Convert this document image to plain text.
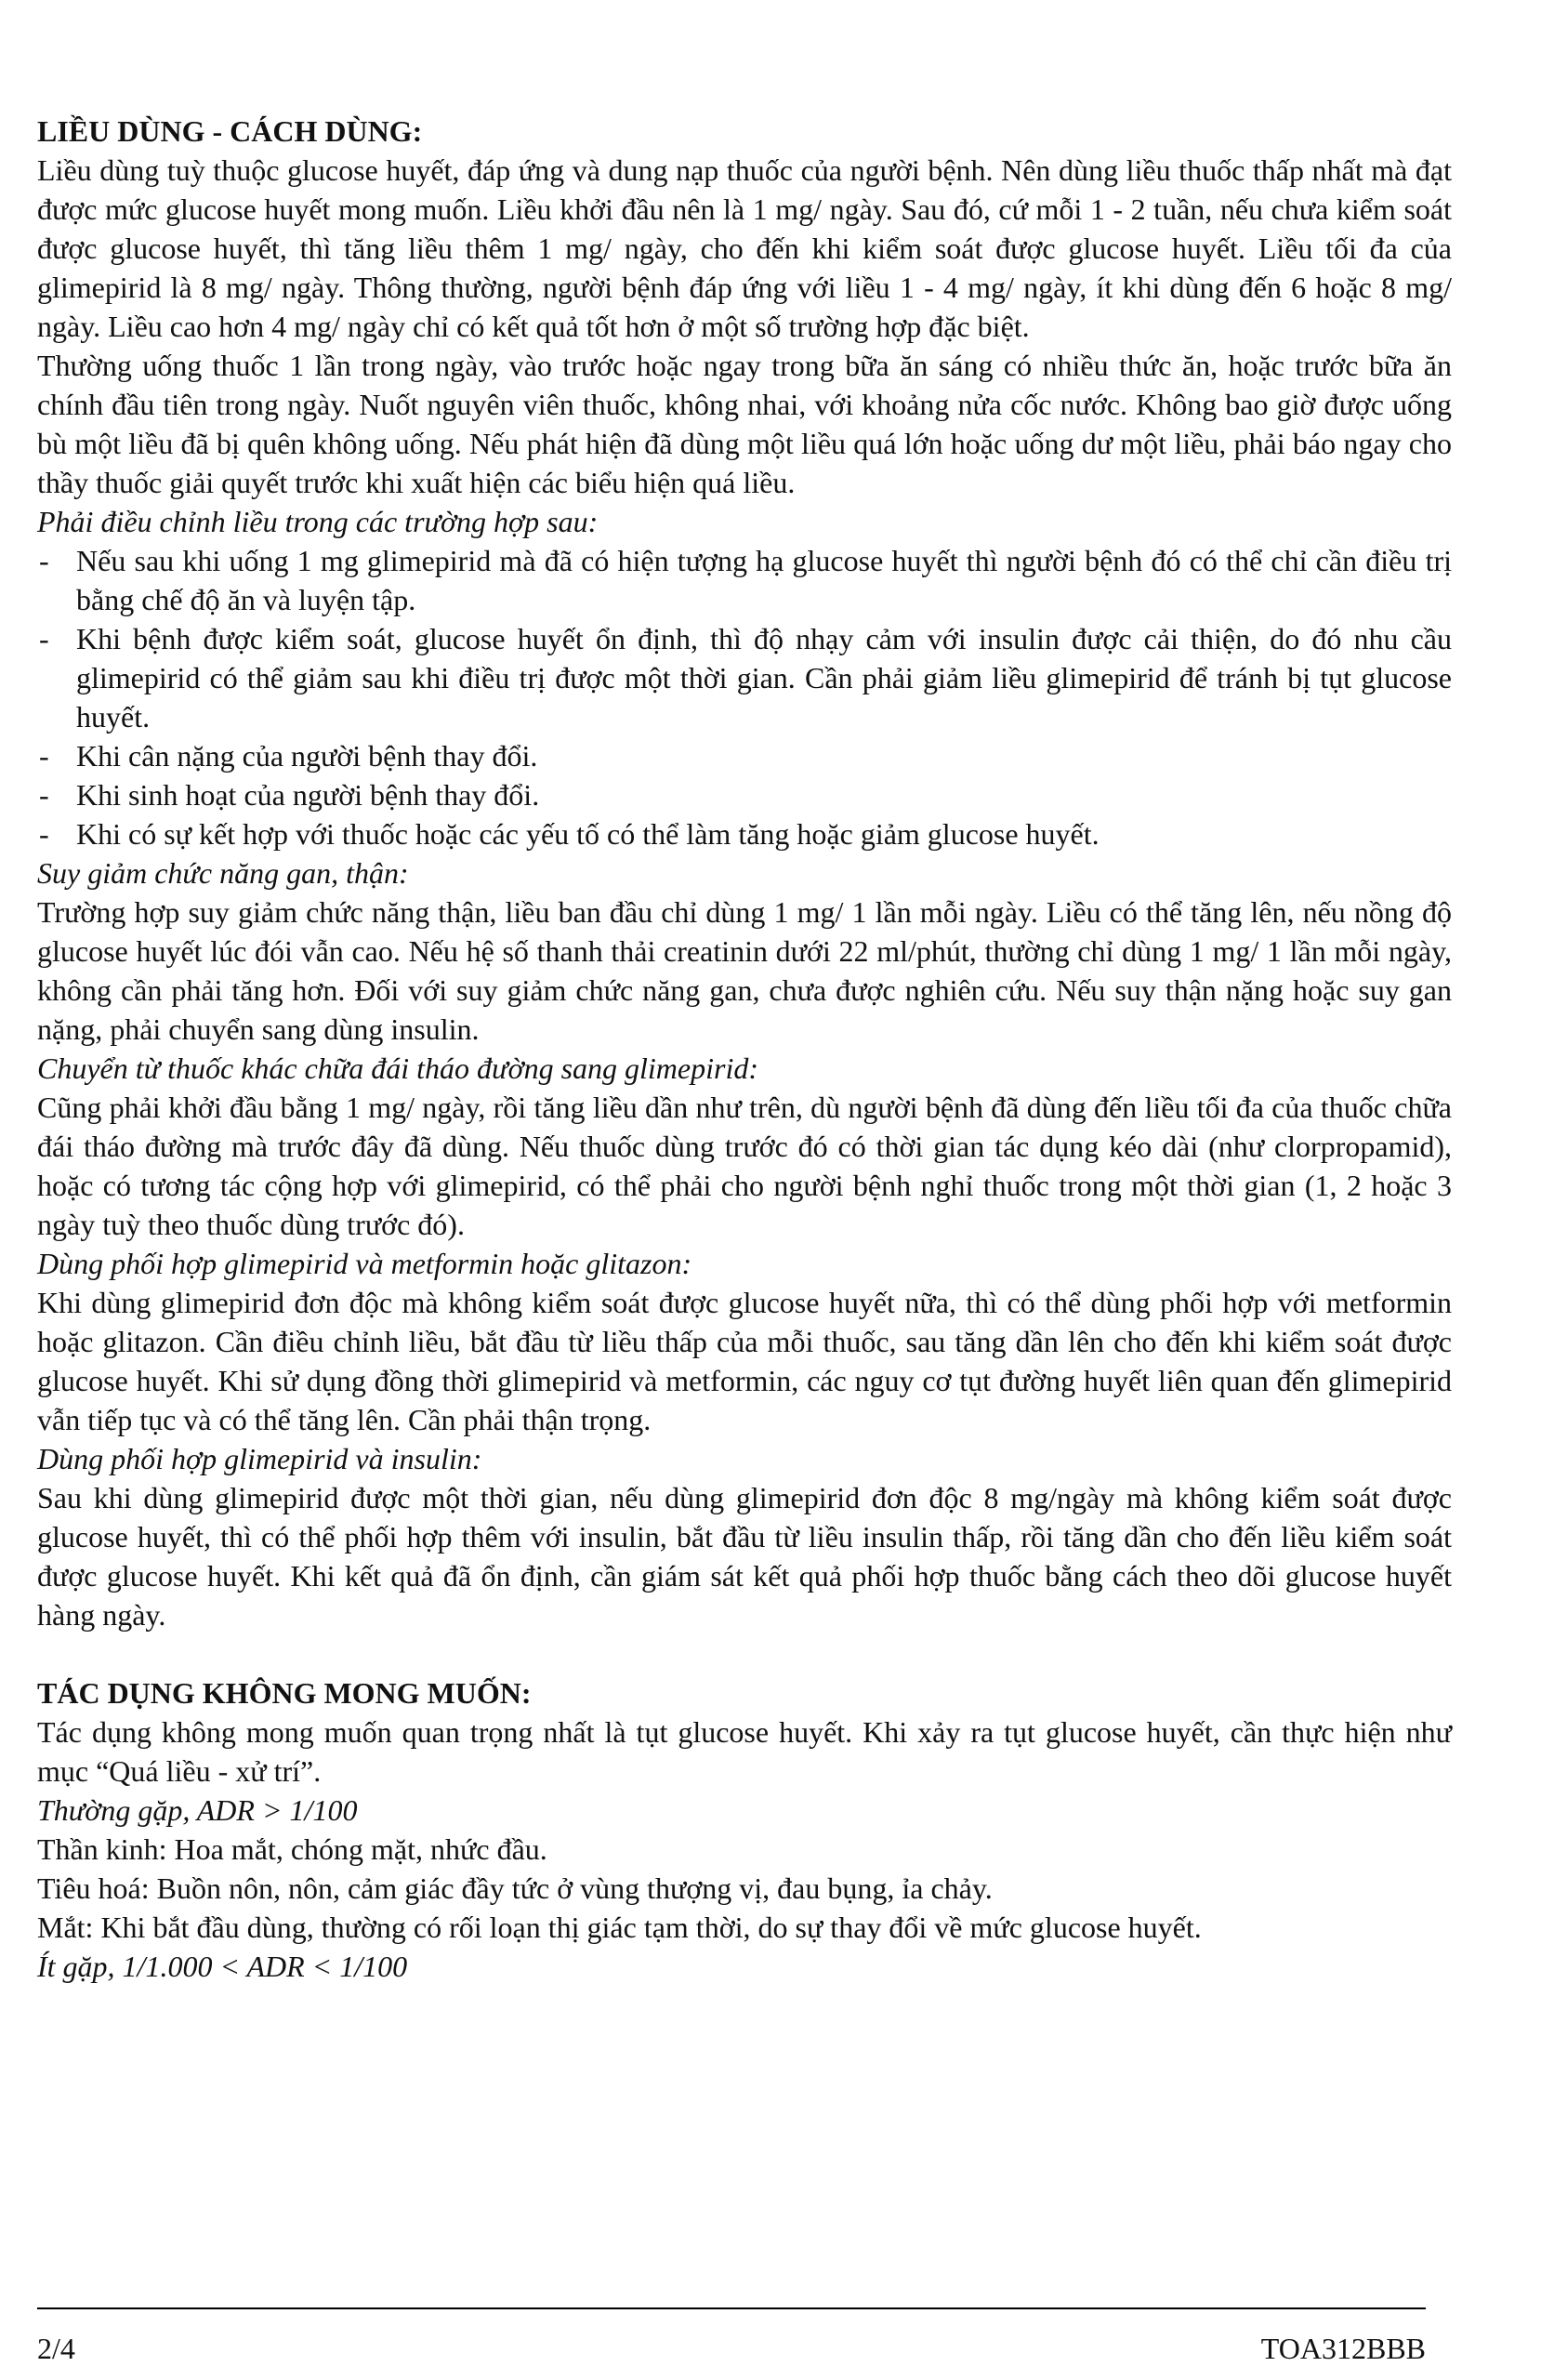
LIỀU DÙNG - CÁCH DÙNG:

Liều dùng tuỳ thuộc glucose huyết, đáp ứng và dung nạp thuốc của người bệnh. Nên dùng liều thuốc thấp nhất mà đạt được mức glucose huyết mong muốn. Liều khởi đầu nên là 1 mg/ ngày. Sau đó, cứ mỗi 1 - 2 tuần, nếu chưa kiểm soát được glucose huyết, thì tăng liều thêm 1 mg/ ngày, cho đến khi kiểm soát được glucose huyết. Liều tối đa của glimepirid là 8 mg/ ngày. Thông thường, người bệnh đáp ứng với liều 1 - 4 mg/ ngày, ít khi dùng đến 6 hoặc 8 mg/ ngày. Liều cao hơn 4 mg/ ngày chỉ có kết quả tốt hơn ở một số trường hợp đặc biệt.

Thường uống thuốc 1 lần trong ngày, vào trước hoặc ngay trong bữa ăn sáng có nhiều thức ăn, hoặc trước bữa ăn chính đầu tiên trong ngày. Nuốt nguyên viên thuốc, không nhai, với khoảng nửa cốc nước. Không bao giờ được uống bù một liều đã bị quên không uống. Nếu phát hiện đã dùng một liều quá lớn hoặc uống dư một liều, phải báo ngay cho thầy thuốc giải quyết trước khi xuất hiện các biểu hiện quá liều.

Phải điều chỉnh liều trong các trường hợp sau:

- Nếu sau khi uống 1 mg glimepirid mà đã có hiện tượng hạ glucose huyết thì người bệnh đó có thể chỉ cần điều trị bằng chế độ ăn và luyện tập.
- Khi bệnh được kiểm soát, glucose huyết ổn định, thì độ nhạy cảm với insulin được cải thiện, do đó nhu cầu glimepirid có thể giảm sau khi điều trị được một thời gian. Cần phải giảm liều glimepirid để tránh bị tụt glucose huyết.
- Khi cân nặng của người bệnh thay đổi.
- Khi sinh hoạt của người bệnh thay đổi.
- Khi có sự kết hợp với thuốc hoặc các yếu tố có thể làm tăng hoặc giảm glucose huyết.

Suy giảm chức năng gan, thận:

Trường hợp suy giảm chức năng thận, liều ban đầu chỉ dùng 1 mg/ 1 lần mỗi ngày. Liều có thể tăng lên, nếu nồng độ glucose huyết lúc đói vẫn cao. Nếu hệ số thanh thải creatinin dưới 22 ml/phút, thường chỉ dùng 1 mg/ 1 lần mỗi ngày, không cần phải tăng hơn. Đối với suy giảm chức năng gan, chưa được nghiên cứu. Nếu suy thận nặng hoặc suy gan nặng, phải chuyển sang dùng insulin.

Chuyển từ thuốc khác chữa đái tháo đường sang glimepirid:

Cũng phải khởi đầu bằng 1 mg/ ngày, rồi tăng liều dần như trên, dù người bệnh đã dùng đến liều tối đa của thuốc chữa đái tháo đường mà trước đây đã dùng. Nếu thuốc dùng trước đó có thời gian tác dụng kéo dài (như clorpropamid), hoặc có tương tác cộng hợp với glimepirid, có thể phải cho người bệnh nghỉ thuốc trong một thời gian (1, 2 hoặc 3 ngày tuỳ theo thuốc dùng trước đó).

Dùng phối hợp glimepirid và metformin hoặc glitazon:

Khi dùng glimepirid đơn độc mà không kiểm soát được glucose huyết nữa, thì có thể dùng phối hợp với metformin hoặc glitazon. Cần điều chỉnh liều, bắt đầu từ liều thấp của mỗi thuốc, sau tăng dần lên cho đến khi kiểm soát được glucose huyết. Khi sử dụng đồng thời glimepirid và metformin, các nguy cơ tụt đường huyết liên quan đến glimepirid vẫn tiếp tục và có thể tăng lên. Cần phải thận trọng.

Dùng phối hợp glimepirid và insulin:

Sau khi dùng glimepirid được một thời gian, nếu dùng glimepirid đơn độc 8 mg/ngày mà không kiểm soát được glucose huyết, thì có thể phối hợp thêm với insulin, bắt đầu từ liều insulin thấp, rồi tăng dần cho đến liều kiểm soát được glucose huyết. Khi kết quả đã ổn định, cần giám sát kết quả phối hợp thuốc bằng cách theo dõi glucose huyết hàng ngày.

TÁC DỤNG KHÔNG MONG MUỐN:

Tác dụng không mong muốn quan trọng nhất là tụt glucose huyết. Khi xảy ra tụt glucose huyết, cần thực hiện như mục “Quá liều - xử trí”.

Thường gặp, ADR > 1/100

Thần kinh: Hoa mắt, chóng mặt, nhức đầu.

Tiêu hoá: Buồn nôn, nôn, cảm giác đầy tức ở vùng thượng vị, đau bụng, ỉa chảy.

Mắt: Khi bắt đầu dùng, thường có rối loạn thị giác tạm thời, do sự thay đổi về mức glucose huyết.

Ít gặp, 1/1.000 < ADR < 1/100

2/4	TOA312BBB
